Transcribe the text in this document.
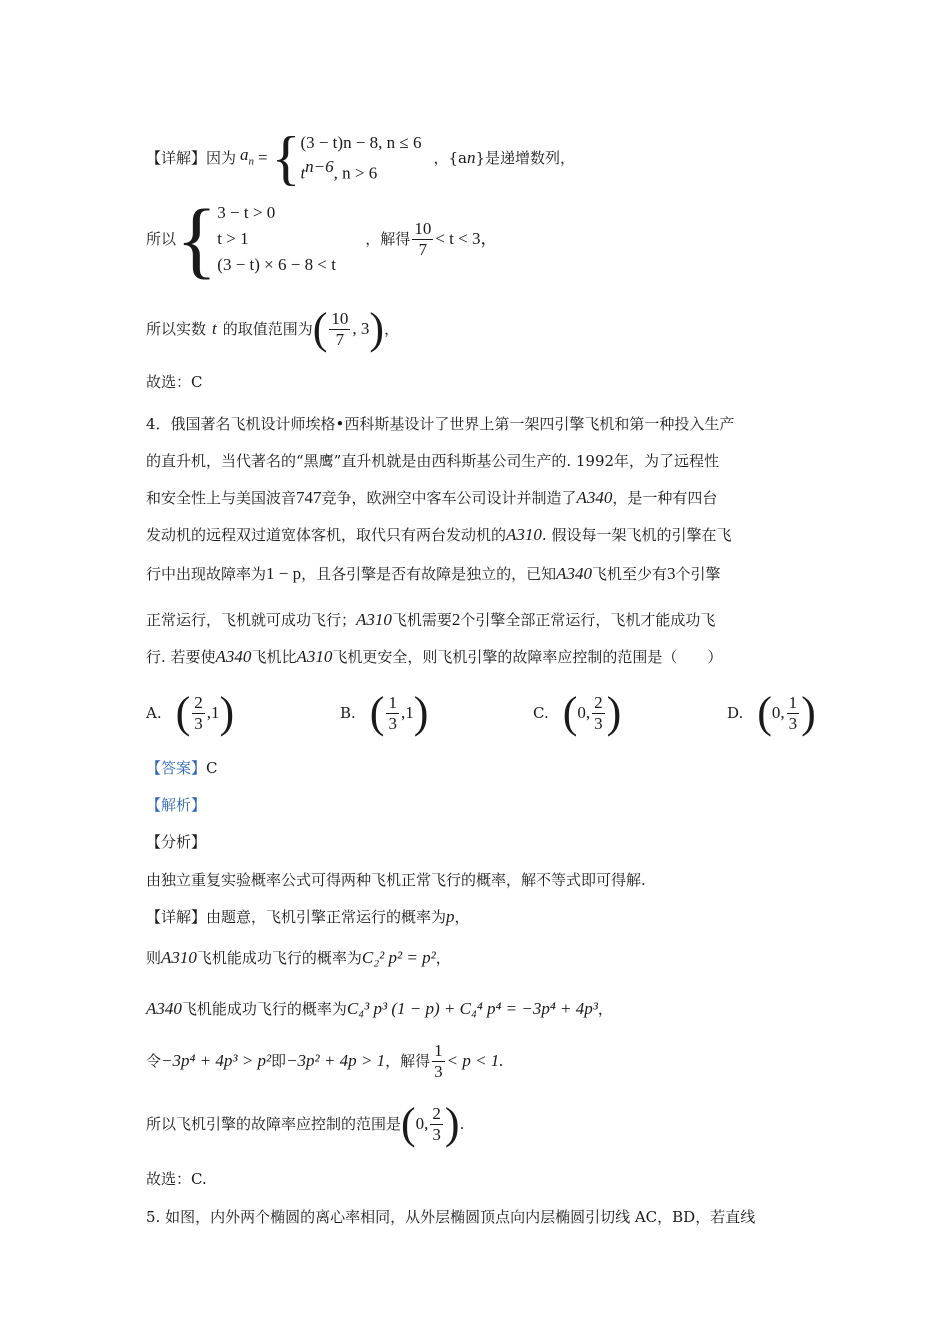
【详解】 因为 $a_n$ = { (3 − t)n − 8, n ≤ 6
$t^{n-6}$, n > 6
，{a n }是递增数列，
所以 { 3 − t > 0
t > 1
(3 − t) × 6 − 8 < t
，解得 $\frac{10}{7} < t < 3$，
所以实数 t 的取值范围为 ( $\frac{10}{7}$ , 3 ) ，
故选：C
4．俄国著名飞机设计师埃格•西科斯基设计了世界上第一架四引擎飞机和第一种投入生产
的直升机，当代著名的“黑鹰”直升机就是由西科斯基公司生产的. 1992年，为了远程性
和安全性上与美国波音747竞争，欧洲空中客车公司设计并制造了A340，是一种有四台
发动机的远程双过道宽体客机，取代只有两台发动机的A310. 假设每一架飞机的引擎在飞
行中出现故障率为1 − p，且各引擎是否有故障是独立的，已知A340飞机至少有3个引擎
正常运行，飞机就可成功飞行；A310飞机需要2个引擎全部正常运行，飞机才能成功飞
行. 若要使A340飞机比A310飞机更安全，则飞机引擎的故障率应控制的范围是（　　）
A. ( $\frac{2}{3} ,1$ )	B. ( $\frac{1}{3} ,1$ )	C. ( 0, $\frac{2}{3}$ )	D. ( 0, $\frac{1}{3}$ )
【答案】C
【解析】
【分析】
由独立重复实验概率公式可得两种飞机正常飞行的概率，解不等式即可得解.
【详解】由题意，飞机引擎正常运行的概率为p，
则A310飞机能成功飞行的概率为C₂² p² = p²，
A340飞机能成功飞行的概率为C₄³ p³ (1 − p) + C₄⁴ p⁴ = −3p⁴ + 4p³，
令 −3p⁴ + 4p³ > p² 即 −3p² + 4p > 1 ，解得 $\frac{1}{3} < p < 1$.
所以飞机引擎的故障率应控制的范围是 ( 0, $\frac{2}{3}$ ) .
故选：C.
5. 如图，内外两个椭圆的离心率相同，从外层椭圆顶点向内层椭圆引切线 AC，BD，若直线
